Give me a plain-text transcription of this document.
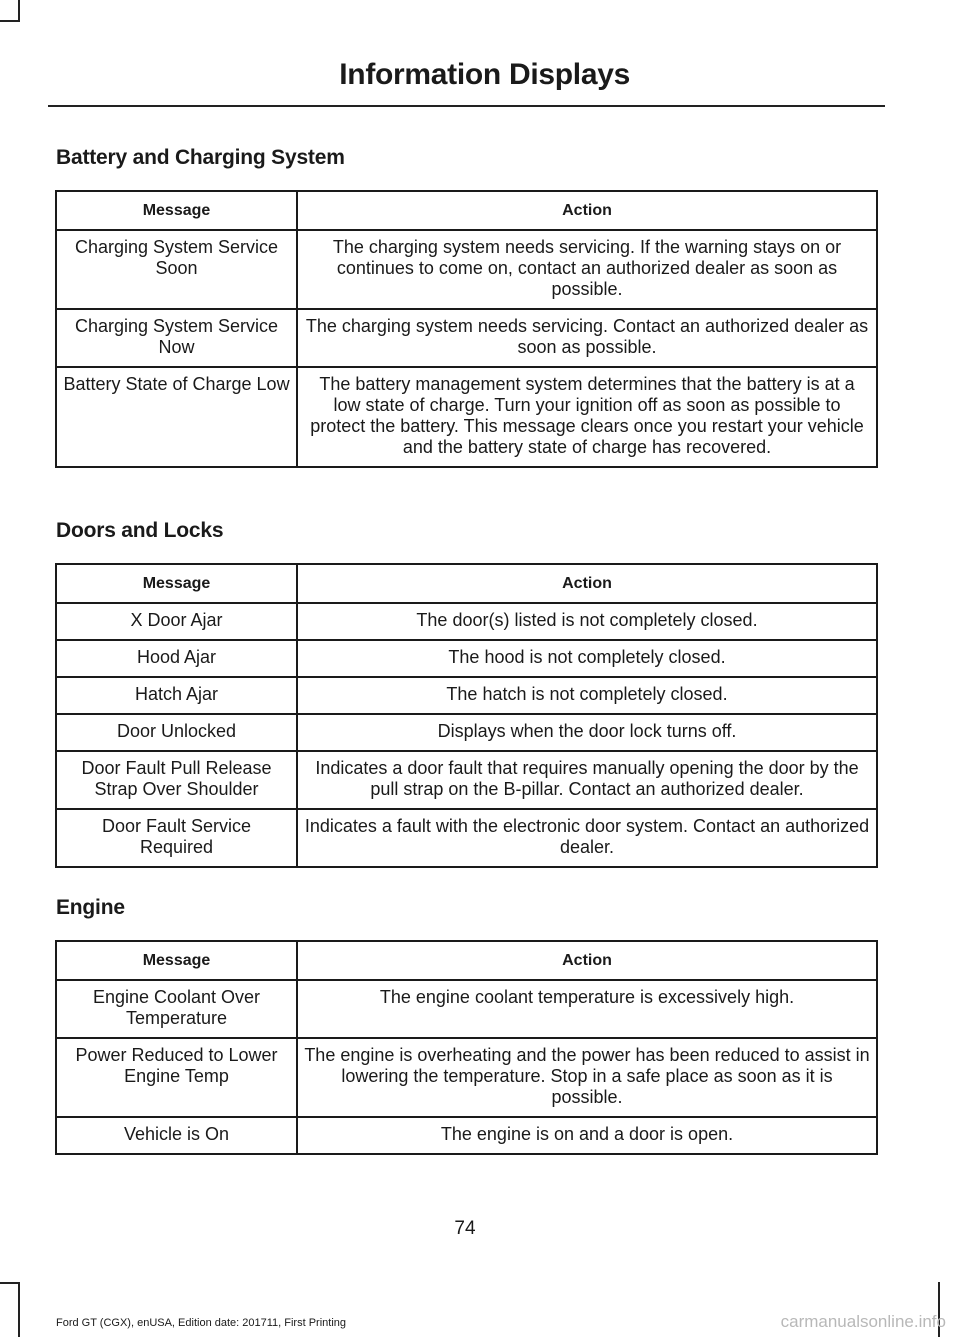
Information Displays
Battery and Charging System
Message	Action
Charging System Service Soon	The charging system needs servicing. If the warning stays on or continues to come on, contact an authorized dealer as soon as possible.
Charging System Service Now	The charging system needs servicing. Contact an authorized dealer as soon as possible.
Battery State of Charge Low	The battery management system determines that the battery is at a low state of charge. Turn your ignition off as soon as possible to protect the battery. This message clears once you restart your vehicle and the battery state of charge has recovered.
Doors and Locks
Message	Action
X Door Ajar	The door(s) listed is not completely closed.
Hood Ajar	The hood is not completely closed.
Hatch Ajar	The hatch is not completely closed.
Door Unlocked	Displays when the door lock turns off.
Door Fault Pull Release Strap Over Shoulder	Indicates a door fault that requires manually opening the door by the pull strap on the B-pillar. Contact an authorized dealer.
Door Fault Service Required	Indicates a fault with the electronic door system. Contact an authorized dealer.
Engine
Message	Action
Engine Coolant Over Temperature	The engine coolant temperature is excessively high.
Power Reduced to Lower Engine Temp	The engine is overheating and the power has been reduced to assist in lowering the temperature. Stop in a safe place as soon as it is possible.
Vehicle is On	The engine is on and a door is open.
74
Ford GT (CGX), enUSA, Edition date: 201711, First Printing	carmanualsonline.info
